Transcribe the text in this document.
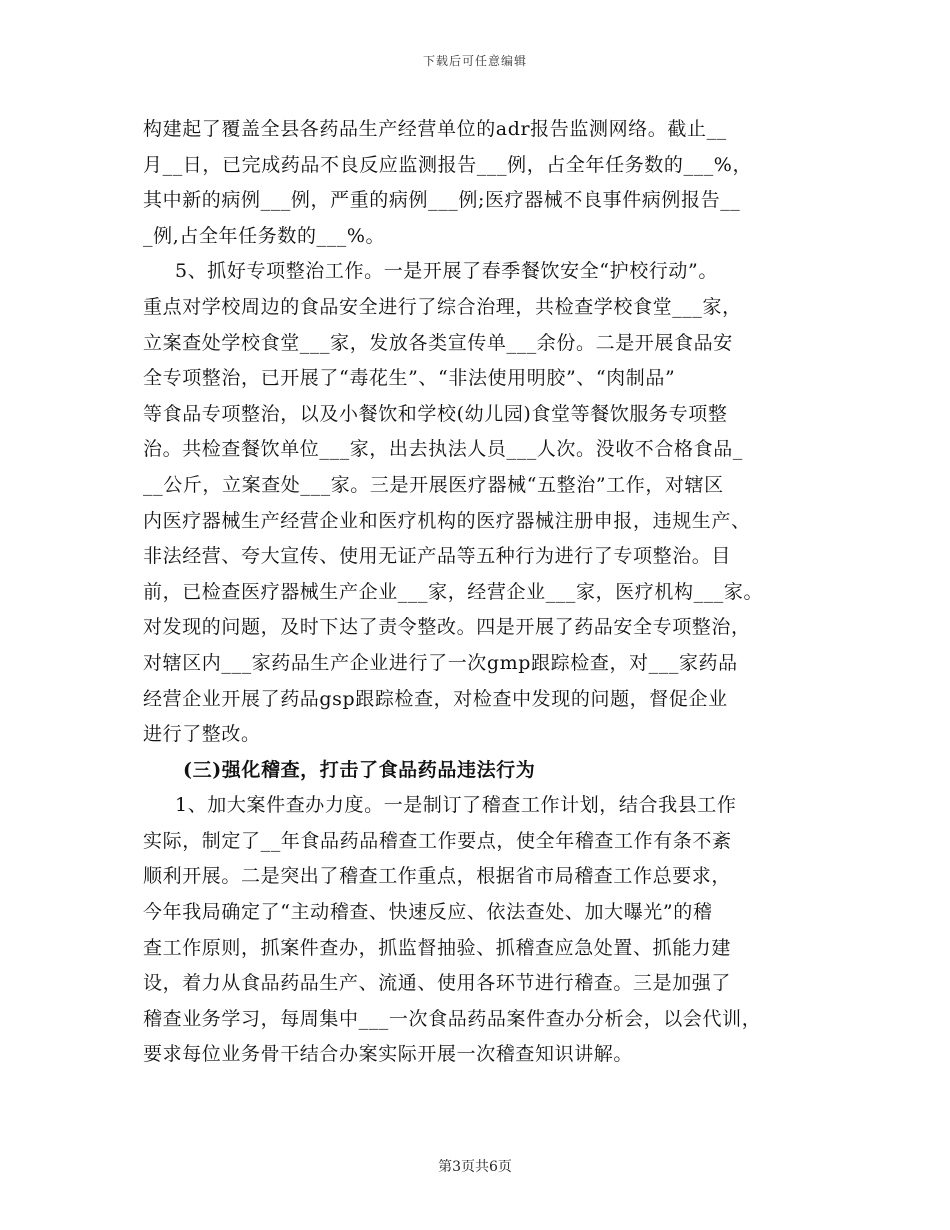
下载后可任意编辑
构建起了覆盖全县各药品生产经营单位的adr报告监测网络。截止__
月__日，已完成药品不良反应监测报告___例，占全年任务数的___%，
其中新的病例___例，严重的病例___例;医疗器械不良事件病例报告__
_例,占全年任务数的___%。
5、抓好专项整治工作。一是开展了春季餐饮安全“护校行动”。
重点对学校周边的食品安全进行了综合治理，共检查学校食堂___家，
立案查处学校食堂___家，发放各类宣传单___余份。二是开展食品安
全专项整治，已开展了“毒花生”、“非法使用明胶”、“肉制品”
等食品专项整治，以及小餐饮和学校(幼儿园)食堂等餐饮服务专项整
治。共检查餐饮单位___家，出去执法人员___人次。没收不合格食品_
__公斤，立案查处___家。三是开展医疗器械“五整治”工作，对辖区
内医疗器械生产经营企业和医疗机构的医疗器械注册申报，违规生产、
非法经营、夸大宣传、使用无证产品等五种行为进行了专项整治。目
前，已检查医疗器械生产企业___家，经营企业___家，医疗机构___家。
对发现的问题，及时下达了责令整改。四是开展了药品安全专项整治，
对辖区内___家药品生产企业进行了一次gmp跟踪检查，对___家药品
经营企业开展了药品gsp跟踪检查，对检查中发现的问题，督促企业
进行了整改。
(三)强化稽查，打击了食品药品违法行为
1、加大案件查办力度。一是制订了稽查工作计划，结合我县工作
实际，制定了__年食品药品稽查工作要点，使全年稽查工作有条不紊
顺利开展。二是突出了稽查工作重点，根据省市局稽查工作总要求，
今年我局确定了“主动稽查、快速反应、依法查处、加大曝光”的稽
查工作原则，抓案件查办，抓监督抽验、抓稽查应急处置、抓能力建
设，着力从食品药品生产、流通、使用各环节进行稽查。三是加强了
稽查业务学习，每周集中___一次食品药品案件查办分析会，以会代训，
要求每位业务骨干结合办案实际开展一次稽查知识讲解。
第3页共6页
